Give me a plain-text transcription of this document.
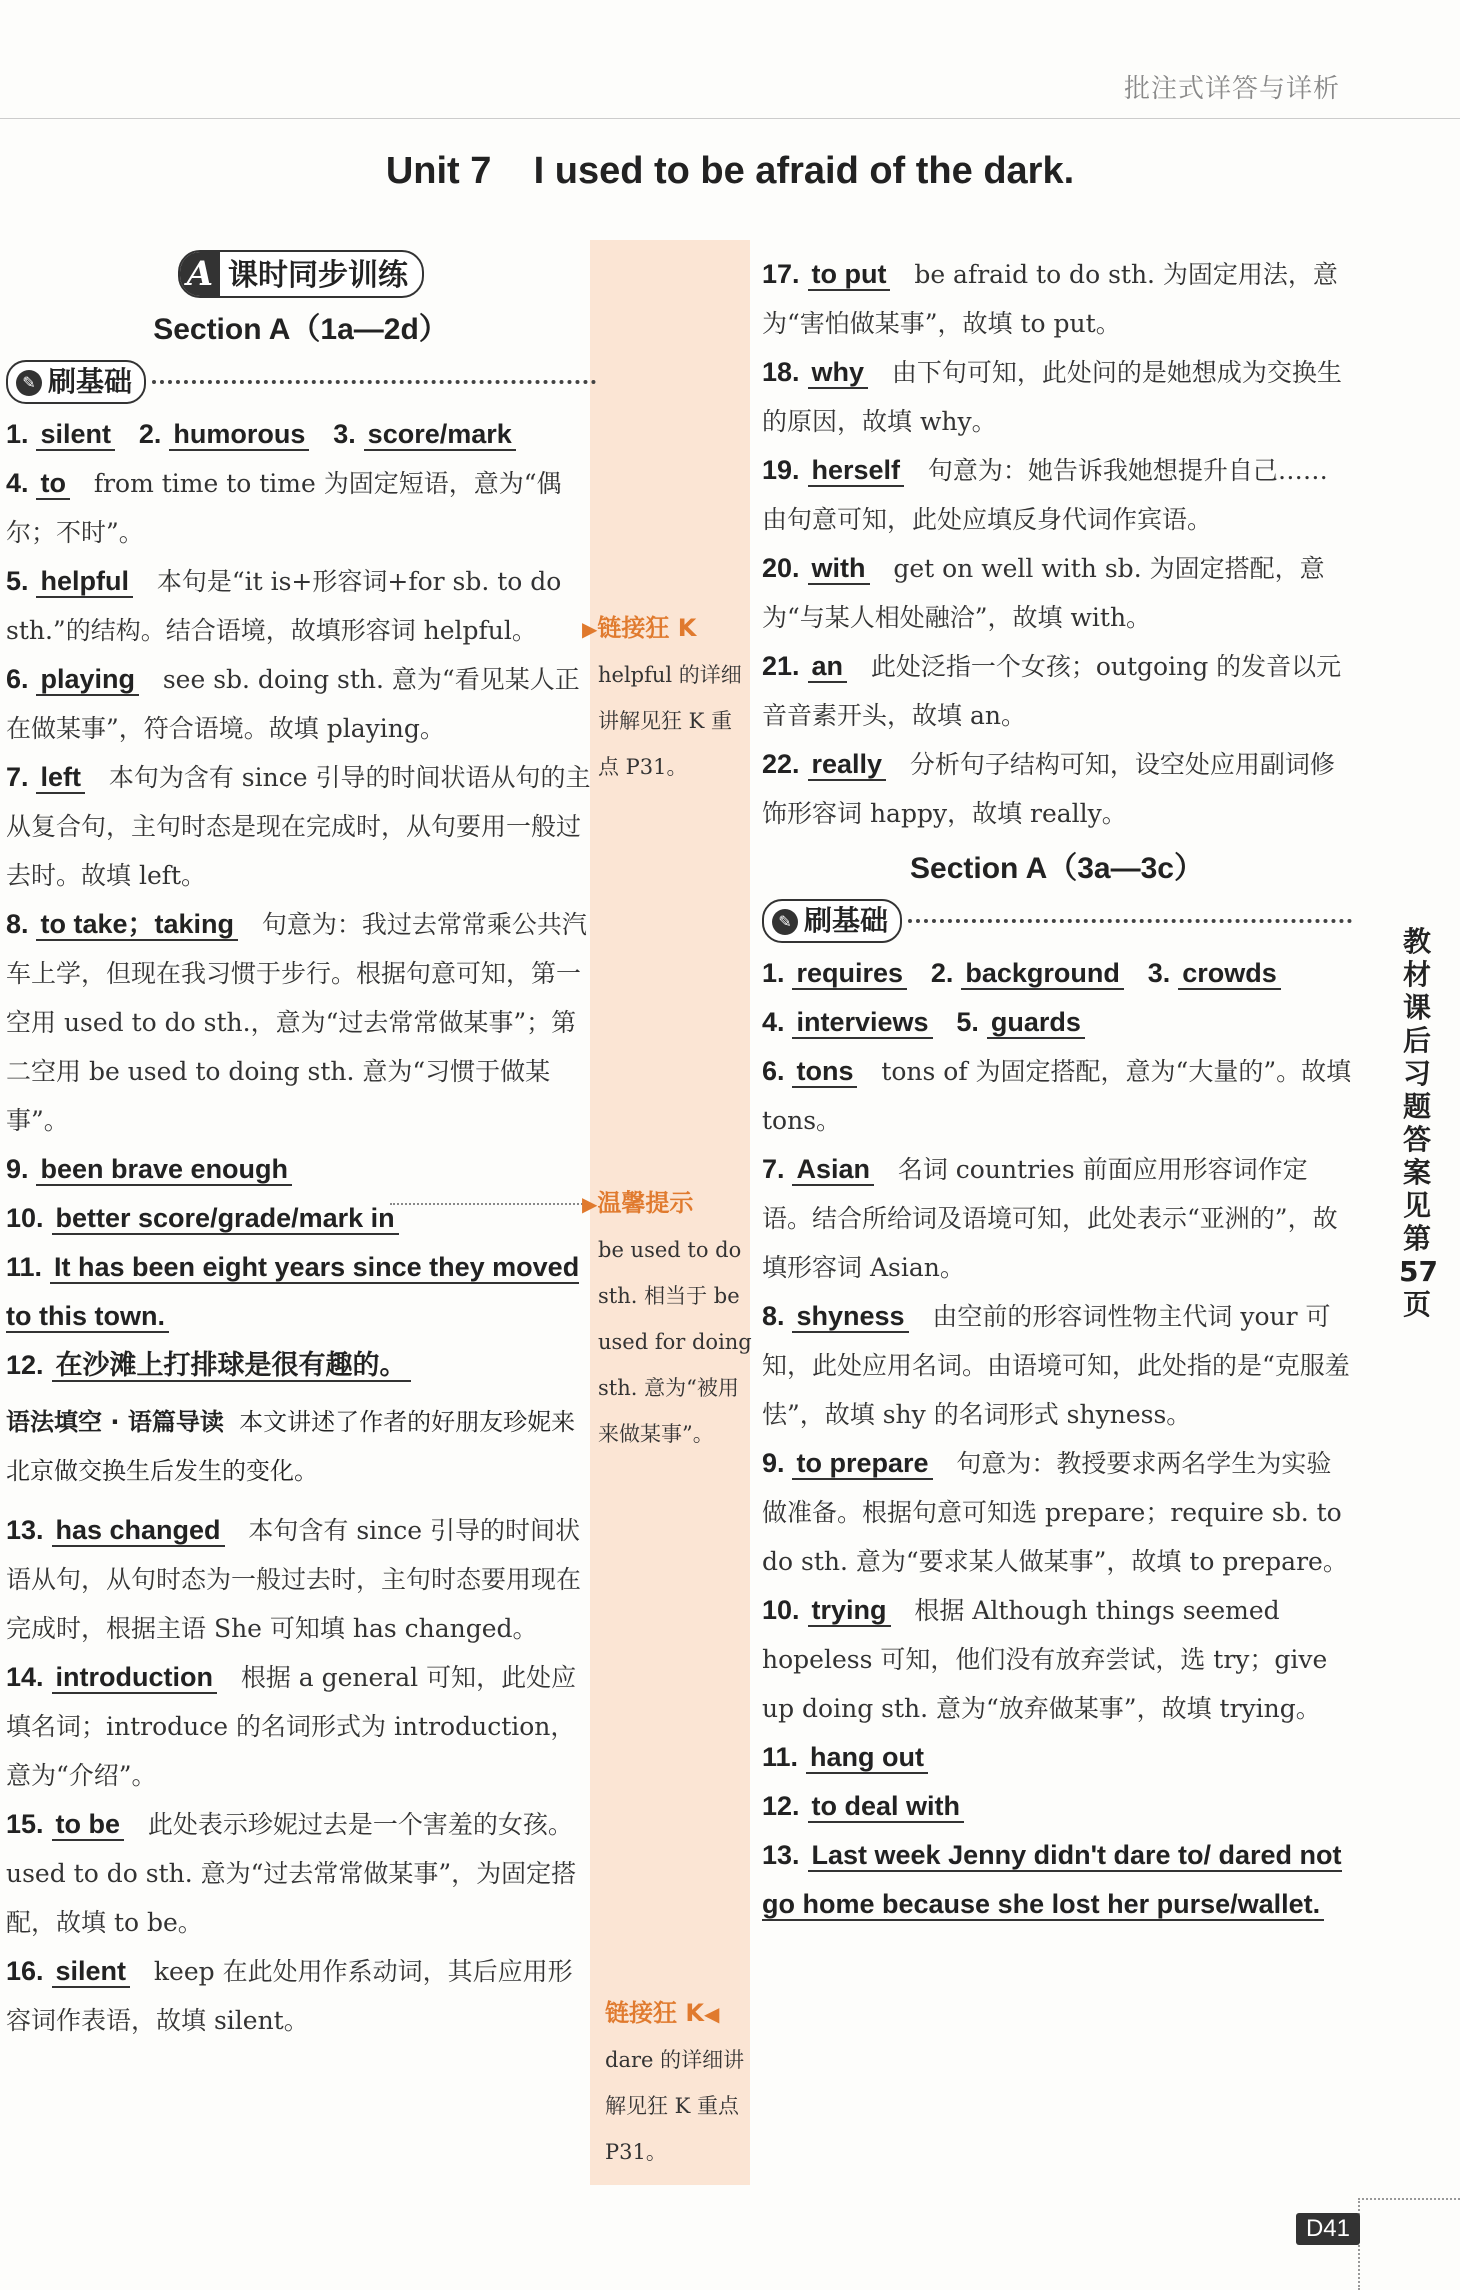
批注式详答与详析
Unit 7    I used to be afraid of the dark.
A 课时同步训练
Section A（1a—2d）
✎ 刷基础
1. silent 2. humorous 3. score/mark
4. to from time to time 为固定短语，意为“偶尔；不时”。
5. helpful 本句是“it is+形容词+for sb. to do sth.”的结构。结合语境，故填形容词 helpful。
6. playing see sb. doing sth. 意为“看见某人正在做某事”，符合语境。故填 playing。
7. left 本句为含有 since 引导的时间状语从句的主从复合句，主句时态是现在完成时，从句要用一般过去时。故填 left。
8. to take；taking 句意为：我过去常常乘公共汽车上学，但现在我习惯于步行。根据句意可知，第一空用 used to do sth.，意为“过去常常做某事”；第二空用 be used to doing sth. 意为“习惯于做某事”。
9. been brave enough
10. better score/grade/mark in
11. It has been eight years since they moved to this town.
12. 在沙滩上打排球是很有趣的。
语法填空 · 语篇导读 本文讲述了作者的好朋友珍妮来北京做交换生后发生的变化。
13. has changed 本句含有 since 引导的时间状语从句，从句时态为一般过去时，主句时态要用现在完成时，根据主语 She 可知填 has changed。
14. introduction 根据 a general 可知，此处应填名词；introduce 的名词形式为 introduction，意为“介绍”。
15. to be 此处表示珍妮过去是一个害羞的女孩。used to do sth. 意为“过去常常做某事”，为固定搭配，故填 to be。
16. silent keep 在此处用作系动词，其后应用形容词作表语，故填 silent。
▶链接狂 K
helpful 的详细讲解见狂 K 重点 P31。
▶温馨提示
be used to do sth. 相当于 be used for doing sth. 意为“被用来做某事”。
链接狂 K◀
dare 的详细讲解见狂 K 重点 P31。
17. to put be afraid to do sth. 为固定用法，意为“害怕做某事”，故填 to put。
18. why 由下句可知，此处问的是她想成为交换生的原因，故填 why。
19. herself 句意为：她告诉我她想提升自己…… 由句意可知，此处应填反身代词作宾语。
20. with get on well with sb. 为固定搭配，意为“与某人相处融洽”，故填 with。
21. an 此处泛指一个女孩；outgoing 的发音以元音音素开头，故填 an。
22. really 分析句子结构可知，设空处应用副词修饰形容词 happy，故填 really。
Section A（3a—3c）
✎ 刷基础
1. requires 2. background 3. crowds
4. interviews 5. guards
6. tons tons of 为固定搭配，意为“大量的”。故填 tons。
7. Asian 名词 countries 前面应用形容词作定语。结合所给词及语境可知，此处表示“亚洲的”，故填形容词 Asian。
8. shyness 由空前的形容词性物主代词 your 可知，此处应用名词。由语境可知，此处指的是“克服羞怯”，故填 shy 的名词形式 shyness。
9. to prepare 句意为：教授要求两名学生为实验做准备。根据句意可知选 prepare；require sb. to do sth. 意为“要求某人做某事”，故填 to prepare。
10. trying 根据 Although things seemed hopeless 可知，他们没有放弃尝试，选 try；give up doing sth. 意为“放弃做某事”，故填 trying。
11. hang out
12. to deal with
13. Last week Jenny didn't dare to/ dared not go home because she lost her purse/wallet.
教材课后习题答案见第57页
D41
